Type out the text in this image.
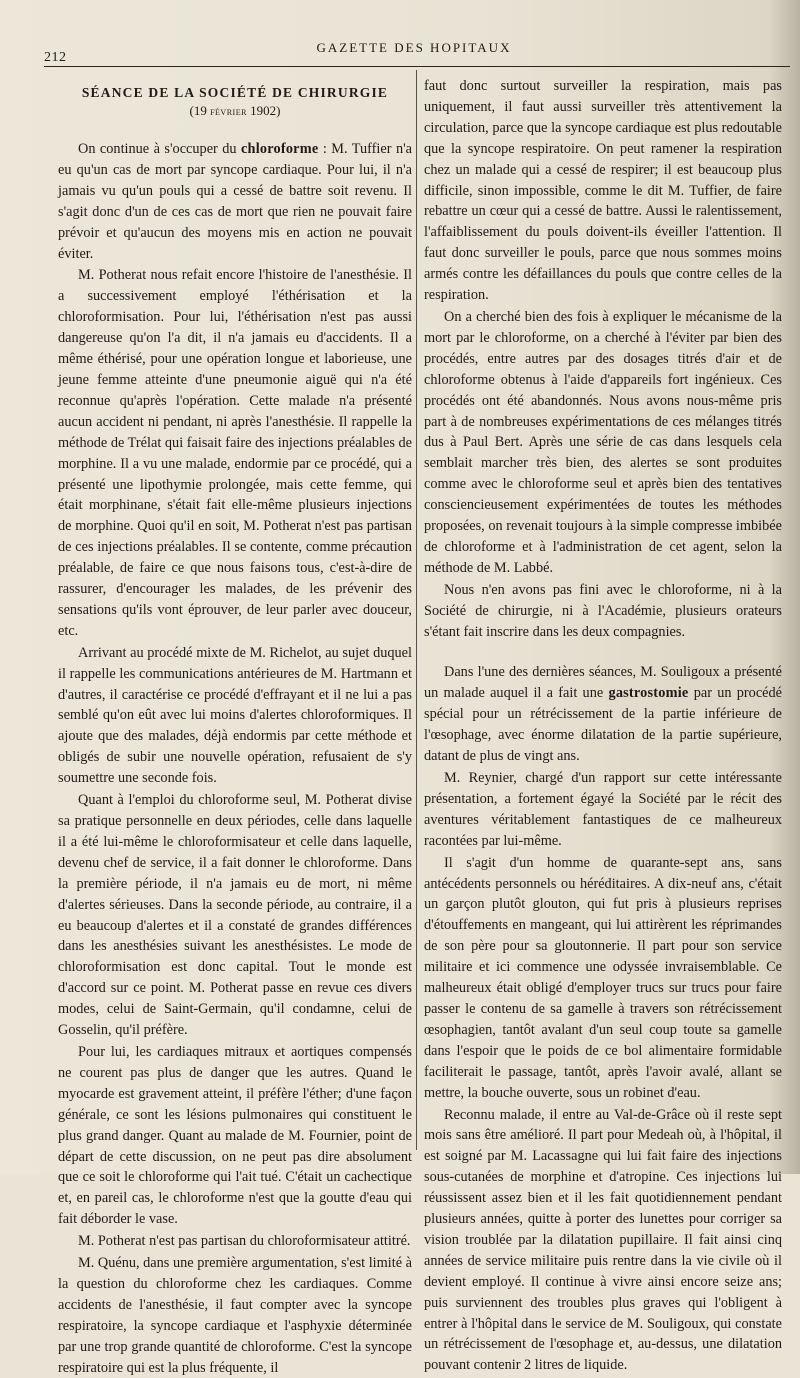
212
GAZETTE DES HOPITAUX
SÉANCE DE LA SOCIÉTÉ DE CHIRURGIE
(19 février 1902)

On continue à s'occuper du chloroforme : M. Tuffier n'a eu qu'un cas de mort par syncope cardiaque. Pour lui, il n'a jamais vu qu'un pouls qui a cessé de battre soit revenu. Il s'agit donc d'un de ces cas de mort que rien ne pouvait faire prévoir et qu'aucun des moyens mis en action ne pouvait éviter.

M. Potherat nous refait encore l'histoire de l'anesthésie. Il a successivement employé l'éthérisation et la chloroformisation. Pour lui, l'éthérisation n'est pas aussi dangereuse qu'on l'a dit, il n'a jamais eu d'accidents. Il a même éthérisé, pour une opération longue et laborieuse, une jeune femme atteinte d'une pneumonie aiguë qui n'a été reconnue qu'après l'opération. Cette malade n'a présenté aucun accident ni pendant, ni après l'anesthésie. Il rappelle la méthode de Trélat qui faisait faire des injections préalables de morphine. Il a vu une malade, endormie par ce procédé, qui a présenté une lipothymie prolongée, mais cette femme, qui était morphinane, s'était fait elle-même plusieurs injections de morphine. Quoi qu'il en soit, M. Potherat n'est pas partisan de ces injections préalables. Il se contente, comme précaution préalable, de faire ce que nous faisons tous, c'est-à-dire de rassurer, d'encourager les malades, de les prévenir des sensations qu'ils vont éprouver, de leur parler avec douceur, etc.

Arrivant au procédé mixte de M. Richelot, au sujet duquel il rappelle les communications antérieures de M. Hartmann et d'autres, il caractérise ce procédé d'effrayant et il ne lui a pas semblé qu'on eût avec lui moins d'alertes chloroformiques. Il ajoute que des malades, déjà endormis par cette méthode et obligés de subir une nouvelle opération, refusaient de s'y soumettre une seconde fois.

Quant à l'emploi du chloroforme seul, M. Potherat divise sa pratique personnelle en deux périodes, celle dans laquelle il a été lui-même le chloroformisateur et celle dans laquelle, devenu chef de service, il a fait donner le chloroforme. Dans la première période, il n'a jamais eu de mort, ni même d'alertes sérieuses. Dans la seconde période, au contraire, il a eu beaucoup d'alertes et il a constaté de grandes différences dans les anesthésies suivant les anesthésistes. Le mode de chloroformisation est donc capital. Tout le monde est d'accord sur ce point. M. Potherat passe en revue ces divers modes, celui de Saint-Germain, qu'il condamne, celui de Gosselin, qu'il préfère.

Pour lui, les cardiaques mitraux et aortiques compensés ne courent pas plus de danger que les autres. Quand le myocarde est gravement atteint, il préfère l'éther; d'une façon générale, ce sont les lésions pulmonaires qui constituent le plus grand danger. Quant au malade de M. Fournier, point de départ de cette discussion, on ne peut pas dire absolument que ce soit le chloroforme qui l'ait tué. C'était un cachectique et, en pareil cas, le chloroforme n'est que la goutte d'eau qui fait déborder le vase.

M. Potherat n'est pas partisan du chloroformisateur attitré.

M. Quénu, dans une première argumentation, s'est limité à la question du chloroforme chez les cardiaques. Comme accidents de l'anesthésie, il faut compter avec la syncope respiratoire, la syncope cardiaque et l'asphyxie déterminée par une trop grande quantité de chloroforme. C'est la syncope respiratoire qui est la plus fréquente, il

faut donc surtout surveiller la respiration, mais pas uniquement, il faut aussi surveiller très attentivement la circulation, parce que la syncope cardiaque est plus redoutable que la syncope respiratoire. On peut ramener la respiration chez un malade qui a cessé de respirer; il est beaucoup plus difficile, sinon impossible, comme le dit M. Tuffier, de faire rebattre un cœur qui a cessé de battre. Aussi le ralentissement, l'affaiblissement du pouls doivent-ils éveiller l'attention. Il faut donc surveiller le pouls, parce que nous sommes moins armés contre les défaillances du pouls que contre celles de la respiration.

On a cherché bien des fois à expliquer le mécanisme de la mort par le chloroforme, on a cherché à l'éviter par bien des procédés, entre autres par des dosages titrés d'air et de chloroforme obtenus à l'aide d'appareils fort ingénieux. Ces procédés ont été abandonnés. Nous avons nous-même pris part à de nombreuses expérimentations de ces mélanges titrés dus à Paul Bert. Après une série de cas dans lesquels cela semblait marcher très bien, des alertes se sont produites comme avec le chloroforme seul et après bien des tentatives consciencieusement expérimentées de toutes les méthodes proposées, on revenait toujours à la simple compresse imbibée de chloroforme et à l'administration de cet agent, selon la méthode de M. Labbé.

Nous n'en avons pas fini avec le chloroforme, ni à la Société de chirurgie, ni à l'Académie, plusieurs orateurs s'étant fait inscrire dans les deux compagnies.

Dans l'une des dernières séances, M. Souligoux a présenté un malade auquel il a fait une gastrostomie par un procédé spécial pour un rétrécissement de la partie inférieure de l'œsophage, avec énorme dilatation de la partie supérieure, datant de plus de vingt ans.

M. Reynier, chargé d'un rapport sur cette intéressante présentation, a fortement égayé la Société par le récit des aventures véritablement fantastiques de ce malheureux racontées par lui-même.

Il s'agit d'un homme de quarante-sept ans, sans antécédents personnels ou héréditaires. A dix-neuf ans, c'était un garçon plutôt glouton, qui fut pris à plusieurs reprises d'étouffements en mangeant, qui lui attirèrent les réprimandes de son père pour sa gloutonnerie. Il part pour son service militaire et ici commence une odyssée invraisemblable. Ce malheureux était obligé d'employer trucs sur trucs pour faire passer le contenu de sa gamelle à travers son rétrécissement œsophagien, tantôt avalant d'un seul coup toute sa gamelle dans l'espoir que le poids de ce bol alimentaire formidable faciliterait le passage, tantôt, après l'avoir avalé, allant se mettre, la bouche ouverte, sous un robinet d'eau.

Reconnu malade, il entre au Val-de-Grâce où il reste sept mois sans être amélioré. Il part pour Medeah où, à l'hôpital, il est soigné par M. Lacassagne qui lui fait faire des injections sous-cutanées de morphine et d'atropine. Ces injections lui réussissent assez bien et il les fait quotidiennement pendant plusieurs années, quitte à porter des lunettes pour corriger sa vision troublée par la dilatation pupillaire. Il fait ainsi cinq années de service militaire puis rentre dans la vie civile où il devient employé. Il continue à vivre ainsi encore seize ans; puis surviennent des troubles plus graves qui l'obligent à entrer à l'hôpital dans le service de M. Souligoux, qui constate un rétrécissement de l'œsophage et, au-dessus, une dilatation pouvant contenir 2 litres de liquide.
